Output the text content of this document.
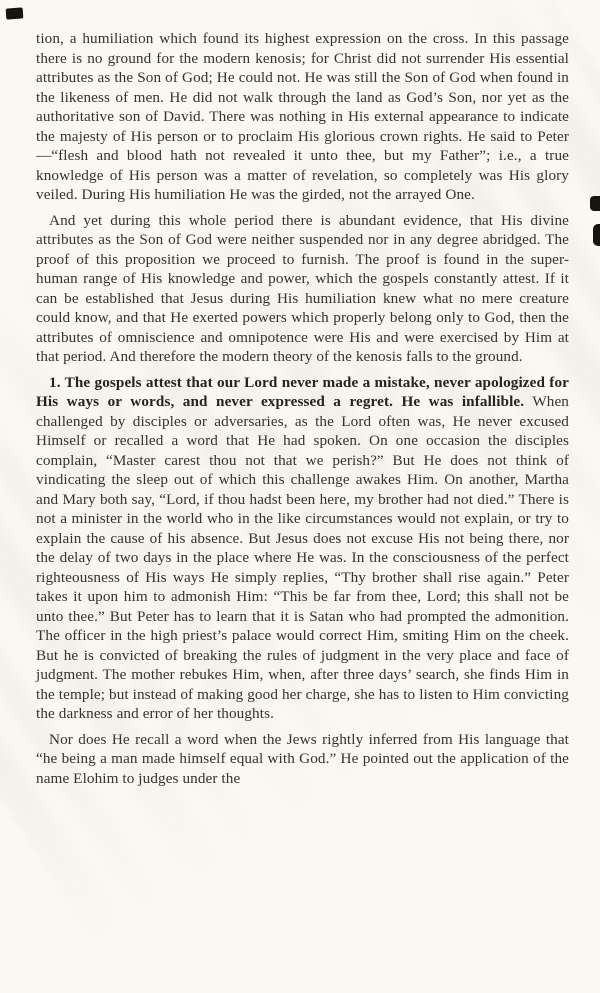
tion, a humiliation which found its highest expression on the cross. In this passage there is no ground for the modern kenosis; for Christ did not surrender His essential attributes as the Son of God; He could not. He was still the Son of God when found in the likeness of men. He did not walk through the land as God’s Son, nor yet as the authoritative son of David. There was nothing in His external appearance to indicate the majesty of His person or to proclaim His glorious crown rights. He said to Peter—“flesh and blood hath not revealed it unto thee, but my Father”; i.e., a true knowledge of His person was a matter of revelation, so completely was His glory veiled. During His humiliation He was the girded, not the arrayed One.

And yet during this whole period there is abundant evidence, that His divine attributes as the Son of God were neither suspended nor in any degree abridged. The proof of this proposition we proceed to furnish. The proof is found in the super-human range of His knowledge and power, which the gospels constantly attest. If it can be established that Jesus during His humiliation knew what no mere creature could know, and that He exerted powers which properly belong only to God, then the attributes of omniscience and omnipotence were His and were exercised by Him at that period. And therefore the modern theory of the kenosis falls to the ground.

1. The gospels attest that our Lord never made a mistake, never apologized for His ways or words, and never expressed a regret. He was infallible. When challenged by disciples or adversaries, as the Lord often was, He never excused Himself or recalled a word that He had spoken. On one occasion the disciples complain, “Master carest thou not that we perish?” But He does not think of vindicating the sleep out of which this challenge awakes Him. On another, Martha and Mary both say, “Lord, if thou hadst been here, my brother had not died.” There is not a minister in the world who in the like circumstances would not explain, or try to explain the cause of his absence. But Jesus does not excuse His not being there, nor the delay of two days in the place where He was. In the consciousness of the perfect righteousness of His ways He simply replies, “Thy brother shall rise again.” Peter takes it upon him to admonish Him: “This be far from thee, Lord; this shall not be unto thee.” But Peter has to learn that it is Satan who had prompted the admonition. The officer in the high priest’s palace would correct Him, smiting Him on the cheek. But he is convicted of breaking the rules of judgment in the very place and face of judgment. The mother rebukes Him, when, after three days’ search, she finds Him in the temple; but instead of making good her charge, she has to listen to Him convicting the darkness and error of her thoughts.

Nor does He recall a word when the Jews rightly inferred from His language that “he being a man made himself equal with God.” He pointed out the application of the name Elohim to judges under the
